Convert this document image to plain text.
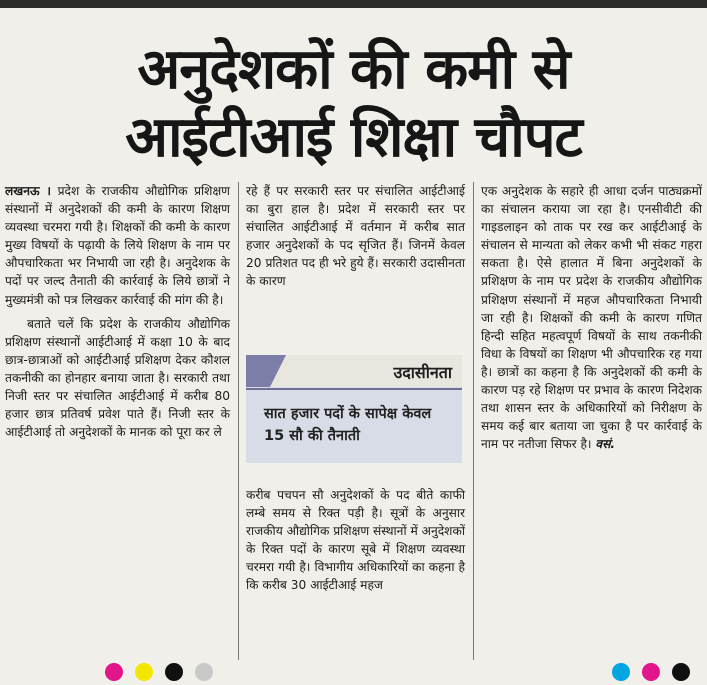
अनुदेशकों की कमी से
आईटीआई शिक्षा चौपट

लखनऊ । प्रदेश के राजकीय औद्योगिक प्रशिक्षण संस्थानों में अनुदेशकों की कमी के कारण शिक्षण व्यवस्था चरमरा गयी है। शिक्षकों की कमी के कारण मुख्य विषयों के पढ़ायी के लिये शिक्षण के नाम पर औपचारिकता भर निभायी जा रही है। अनुदेशक के पदों पर जल्द तैनाती की कार्रवाई के लिये छात्रों ने मुख्यमंत्री को पत्र लिखकर कार्रवाई की मांग की है।

बताते चलें कि प्रदेश के राजकीय औद्योगिक प्रशिक्षण संस्थानों आईटीआई में कक्षा 10 के बाद छात्र-छात्राओं को आईटीआई प्रशिक्षण देकर कौशल तकनीकी का होनहार बनाया जाता है। सरकारी तथा निजी स्तर पर संचालित आईटीआई में करीब 80 हजार छात्र प्रतिवर्ष प्रवेश पाते हैं। निजी स्तर के आईटीआई तो अनुदेशकों के मानक को पूरा कर ले

रहे हैं पर सरकारी स्तर पर संचालित आईटीआई का बुरा हाल है। प्रदेश में सरकारी स्तर पर संचालित आईटीआई में वर्तमान में करीब सात हजार अनुदेशकों के पद सृजित हैं। जिनमें केवल 20 प्रतिशत पद ही भरे हुये हैं। सरकारी उदासीनता के कारण

उदासीनता
सात हजार पदों के सापेक्ष केवल 15 सौ की तैनाती

करीब पचपन सौ अनुदेशकों के पद बीते काफी लम्बे समय से रिक्त पड़ी है। सूत्रों के अनुसार राजकीय औद्योगिक प्रशिक्षण संस्थानों में अनुदेशकों के रिक्त पदों के कारण सूबे में शिक्षण व्यवस्था चरमरा गयी है। विभागीय अधिकारियों का कहना है कि करीब 30 आईटीआई महज

एक अनुदेशक के सहारे ही आधा दर्जन पाठ्यक्रमों का संचालन कराया जा रहा है। एनसीवीटी की गाइडलाइन को ताक पर रख कर आईटीआई के संचालन से मान्यता को लेकर कभी भी संकट गहरा सकता है। ऐसे हालात में बिना अनुदेशकों के प्रशिक्षण के नाम पर प्रदेश के राजकीय औद्योगिक प्रशिक्षण संस्थानों में महज औपचारिकता निभायी जा रही है। शिक्षकों की कमी के कारण गणित हिन्दी सहित महत्वपूर्ण विषयों के साथ तकनीकी विधा के विषयों का शिक्षण भी औपचारिक रह गया है। छात्रों का कहना है कि अनुदेशकों की कमी के कारण पड़ रहे शिक्षण पर प्रभाव के कारण निदेशक तथा शासन स्तर के अधिकारियों को निरीक्षण के समय कई बार बताया जा चुका है पर कार्रवाई के नाम पर नतीजा सिफर है। वसं.
